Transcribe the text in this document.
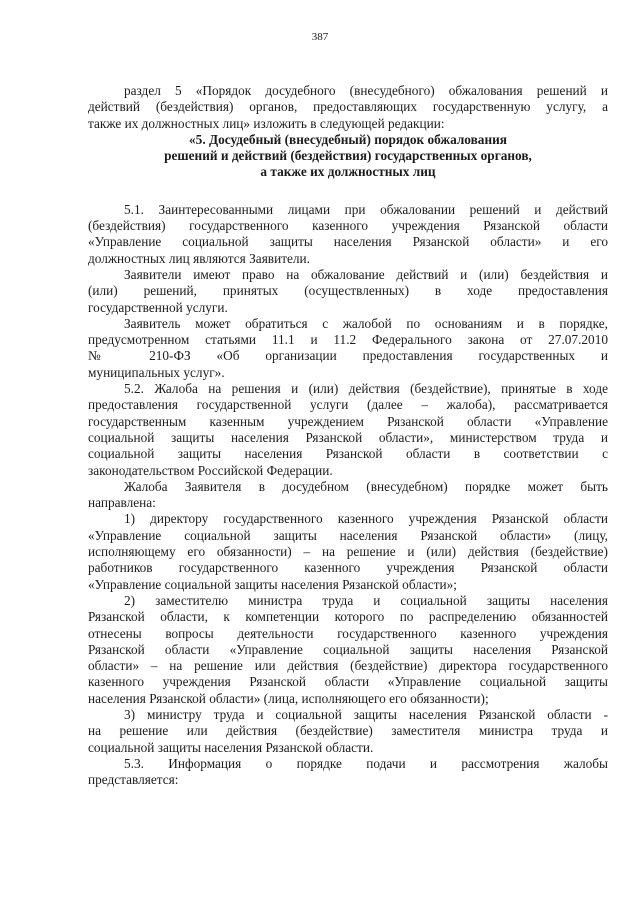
387
раздел 5 «Порядок досудебного (внесудебного) обжалования решений и
действий (бездействия) органов, предоставляющих государственную услугу, а
также их должностных лиц» изложить в следующей редакции:
«5. Досудебный (внесудебный) порядок обжалования
решений и действий (бездействия) государственных органов,
а также их должностных лиц
5.1. Заинтересованными лицами при обжаловании решений и действий
(бездействия) государственного казенного учреждения Рязанской области
«Управление социальной защиты населения Рязанской области» и его
должностных лиц являются Заявители.
Заявители имеют право на обжалование действий и (или) бездействия и
(или) решений, принятых (осуществленных) в ходе предоставления
государственной услуги.
Заявитель может обратиться с жалобой по основаниям и в порядке,
предусмотренном статьями 11.1 и 11.2 Федерального закона от 27.07.2010
№ 210-ФЗ «Об организации предоставления государственных и
муниципальных услуг».
5.2. Жалоба на решения и (или) действия (бездействие), принятые в ходе
предоставления государственной услуги (далее – жалоба), рассматривается
государственным казенным учреждением Рязанской области «Управление
социальной защиты населения Рязанской области», министерством труда и
социальной защиты населения Рязанской области в соответствии с
законодательством Российской Федерации.
Жалоба Заявителя в досудебном (внесудебном) порядке может быть
направлена:
1) директору государственного казенного учреждения Рязанской области
«Управление социальной защиты населения Рязанской области» (лицу,
исполняющему его обязанности) – на решение и (или) действия (бездействие)
работников государственного казенного учреждения Рязанской области
«Управление социальной защиты населения Рязанской области»;
2) заместителю министра труда и социальной защиты населения
Рязанской области, к компетенции которого по распределению обязанностей
отнесены вопросы деятельности государственного казенного учреждения
Рязанской области «Управление социальной защиты населения Рязанской
области» – на решение или действия (бездействие) директора государственного
казенного учреждения Рязанской области «Управление социальной защиты
населения Рязанской области» (лица, исполняющего его обязанности);
3) министру труда и социальной защиты населения Рязанской области -
на решение или действия (бездействие) заместителя министра труда и
социальной защиты населения Рязанской области.
5.3. Информация о порядке подачи и рассмотрения жалобы
представляется:
